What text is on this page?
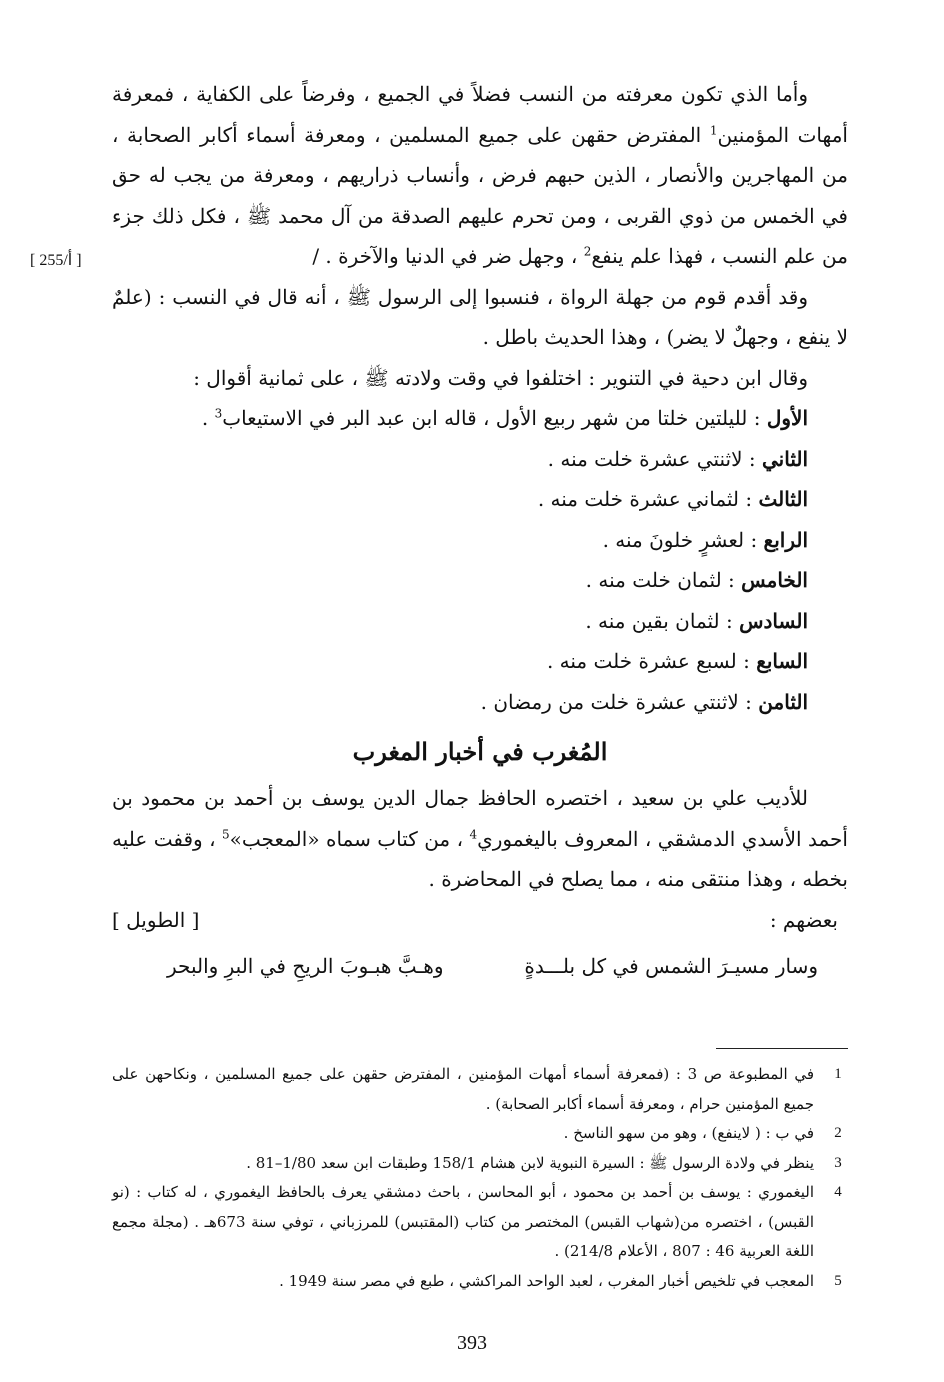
[ 255/أ ]

وأما الذي تكون معرفته من النسب فضلاً في الجميع ، وفرضاً على الكفاية ، فمعرفة أمهات المؤمنين$^1$ المفترض حقهن على جميع المسلمين ، ومعرفة أسماء أكابر الصحابة ، من المهاجرين والأنصار ، الذين حبهم فرض ، وأنساب ذراريهم ، ومعرفة من يجب له حق في الخمس من ذوي القربى ، ومن تحرم عليهم الصدقة من آل محمد ﷺ ، فكل ذلك جزء من علم النسب ، فهذا علم ينفع$^2$ ، وجهل ضر في الدنيا والآخرة . /

وقد أقدم قوم من جهلة الرواة ، فنسبوا إلى الرسول ﷺ ، أنه قال في النسب : (علمٌ لا ينفع ، وجهلٌ لا يضر) ، وهذا الحديث باطل .

وقال ابن دحية في التنوير : اختلفوا في وقت ولادته ﷺ ، على ثمانية أقوال :

الأول : لليلتين خلتا من شهر ربيع الأول ، قاله ابن عبد البر في الاستيعاب$^3$ .
الثاني : لاثنتي عشرة خلت منه .
الثالث : لثماني عشرة خلت منه .
الرابع : لعشرٍ خلونَ منه .
الخامس : لثمان خلت منه .
السادس : لثمان بقين منه .
السابع : لسبع عشرة خلت منه .
الثامن : لاثنتي عشرة خلت من رمضان .
المُغرب في أخبار المغرب

للأديب علي بن سعيد ، اختصره الحافظ جمال الدين يوسف بن أحمد بن محمود بن أحمد الأسدي الدمشقي ، المعروف باليغموري$^4$ ، من كتاب سماه «المعجب»$^5$ ، وقفت عليه بخطه ، وهذا منتقى منه ، مما يصلح في المحاضرة .

بعضهم :
[ الطويل ]
وسار مسيـرَ الشمس في كل بلـــدةٍ
وهـبَّ هبـوبَ الريحِ في البرِ والبحر
1
في المطبوعة ص 3 : (فمعرفة أسماء أمهات المؤمنين ، المفترض حقهن على جميع المسلمين ، ونكاحهن على جميع المؤمنين حرام ، ومعرفة أسماء أكابر الصحابة) .
2
في ب : ( لاينفع) ، وهو من سهو الناسخ .
3
ينظر في ولادة الرسول ﷺ : السيرة النبوية لابن هشام 158/1 وطبقات ابن سعد 1/80–81 .
4
اليغموري : يوسف بن أحمد بن محمود ، أبو المحاسن ، باحث دمشقي يعرف بالحافظ اليغموري ، له كتاب : (نو القبس) ، اختصره من(شهاب القبس) المختصر من كتاب (المقتبس) للمرزباني ، توفي سنة 673هـ . (مجلة مجمع اللغة العربية 46 : 807 ، الأعلام 214/8) .
5
المعجب في تلخيص أخبار المغرب ، لعبد الواحد المراكشي ، طبع في مصر سنة 1949 .
393
